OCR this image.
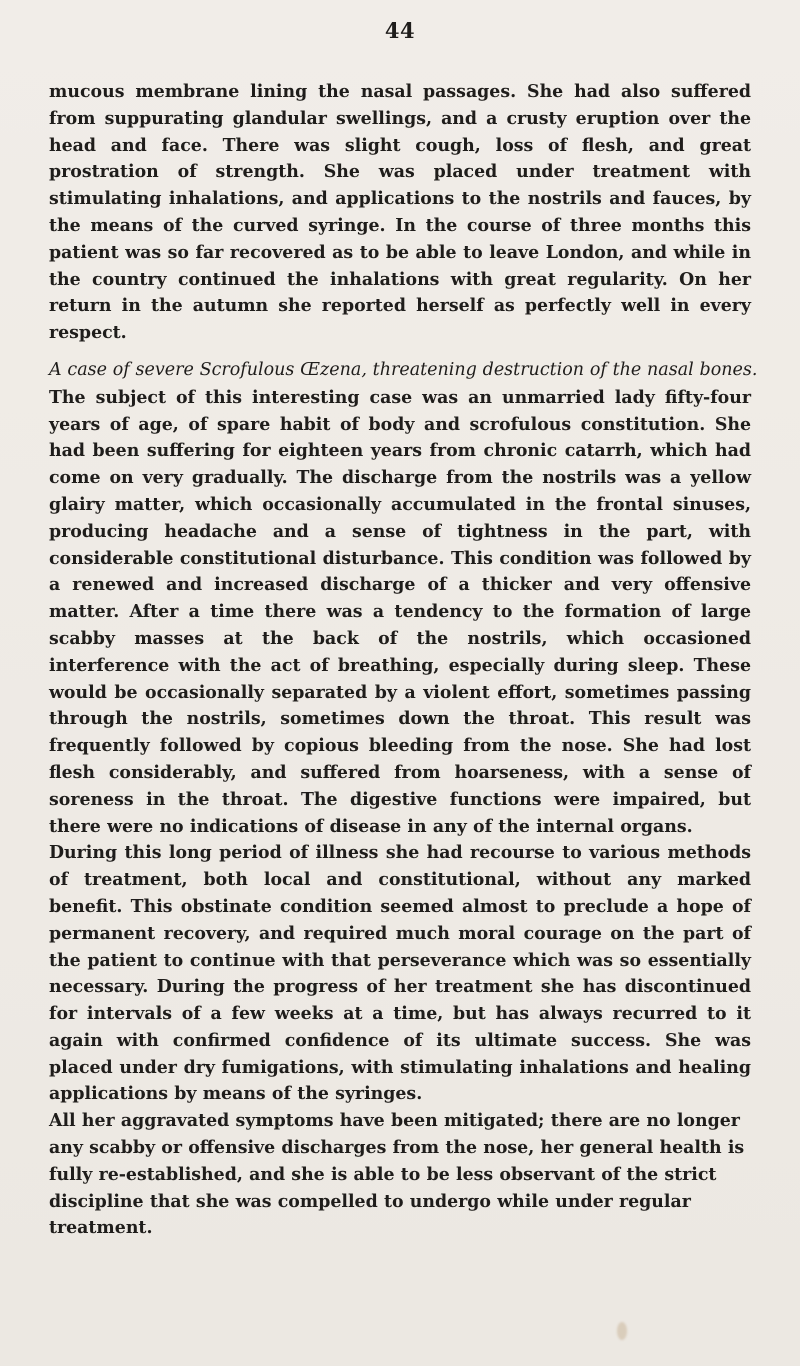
44

mucous membrane lining the nasal passages. She had also suffered from suppurating glandular swellings, and a crusty eruption over the head and face. There was slight cough, loss of flesh, and great prostration of strength. She was placed under treatment with stimulating inhalations, and applications to the nostrils and fauces, by the means of the curved syringe. In the course of three months this patient was so far recovered as to be able to leave London, and while in the country continued the inhalations with great regularity. On her return in the autumn she reported herself as perfectly well in every respect.

A case of severe Scrofulous Œzena, threatening destruction of the nasal bones.

The subject of this interesting case was an unmarried lady fifty-four years of age, of spare habit of body and scrofulous constitution. She had been suffering for eighteen years from chronic catarrh, which had come on very gradually. The discharge from the nostrils was a yellow glairy matter, which occasionally accumulated in the frontal sinuses, producing headache and a sense of tightness in the part, with considerable constitutional disturbance. This condition was followed by a renewed and increased discharge of a thicker and very offensive matter. After a time there was a tendency to the formation of large scabby masses at the back of the nostrils, which occasioned interference with the act of breathing, especially during sleep. These would be occasionally separated by a violent effort, sometimes passing through the nostrils, sometimes down the throat. This result was frequently followed by copious bleeding from the nose. She had lost flesh considerably, and suffered from hoarseness, with a sense of soreness in the throat. The digestive functions were impaired, but there were no indications of disease in any of the internal organs.

During this long period of illness she had recourse to various methods of treatment, both local and constitutional, without any marked benefit. This obstinate condition seemed almost to preclude a hope of permanent recovery, and required much moral courage on the part of the patient to continue with that perseverance which was so essentially necessary. During the progress of her treatment she has discontinued for intervals of a few weeks at a time, but has always recurred to it again with confirmed confidence of its ultimate success. She was placed under dry fumigations, with stimulating inhalations and healing applications by means of the syringes.

All her aggravated symptoms have been mitigated; there are no longer any scabby or offensive discharges from the nose, her general health is fully re-established, and she is able to be less observant of the strict discipline that she was compelled to undergo while under regular treatment.
